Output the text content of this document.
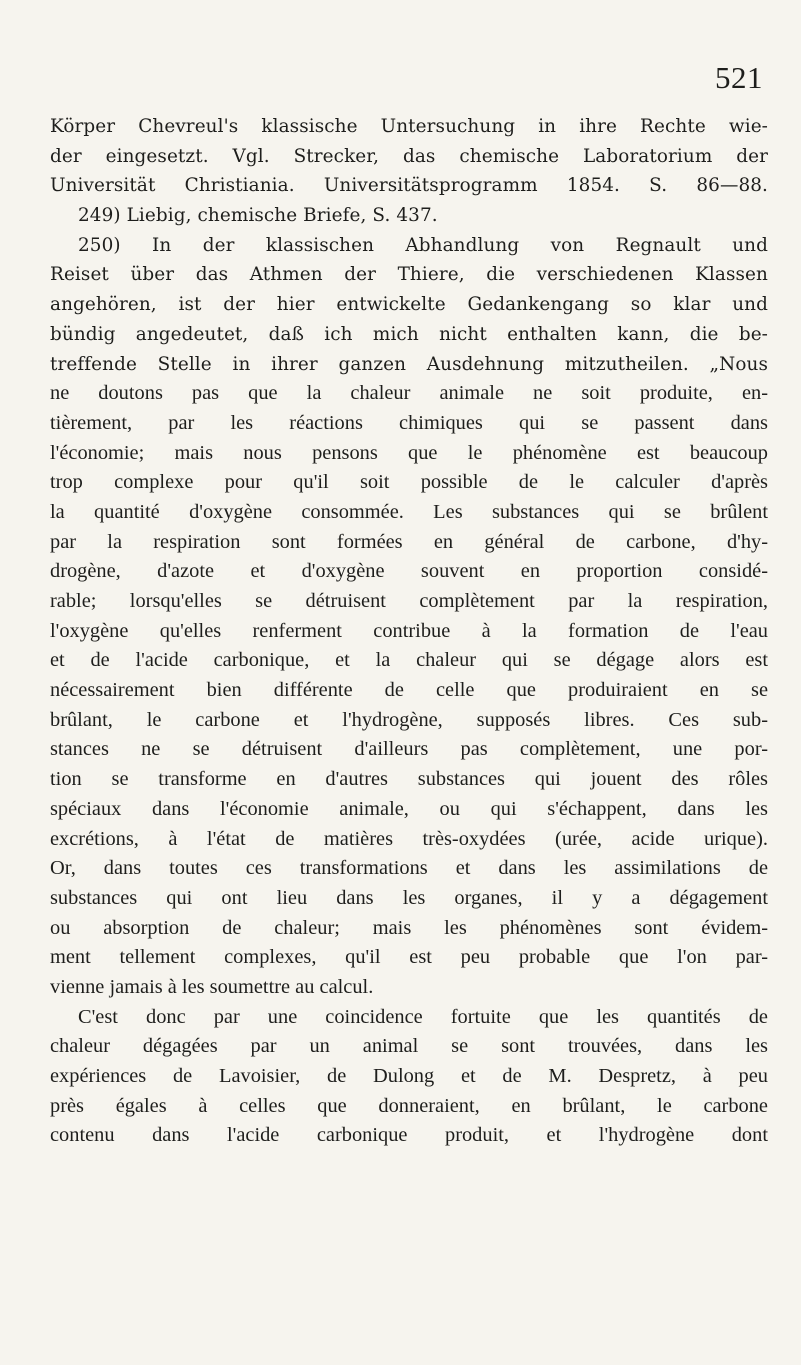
521
Körper Chevreul's klassische Untersuchung in ihre Rechte wie-
der eingesetzt. Vgl. Strecker, das chemische Laboratorium der
Universität Christiania. Universitätsprogramm 1854. S. 86—88.
249) Liebig, chemische Briefe, S. 437.
250) In der klassischen Abhandlung von Regnault und
Reiset über das Athmen der Thiere, die verschiedenen Klassen
angehören, ist der hier entwickelte Gedankengang so klar und
bündig angedeutet, daß ich mich nicht enthalten kann, die be-
treffende Stelle in ihrer ganzen Ausdehnung mitzutheilen. „Nous
ne doutons pas que la chaleur animale ne soit produite, en-
tièrement, par les réactions chimiques qui se passent dans
l'économie; mais nous pensons que le phénomène est beaucoup
trop complexe pour qu'il soit possible de le calculer d'après
la quantité d'oxygène consommée. Les substances qui se brûlent
par la respiration sont formées en général de carbone, d'hy-
drogène, d'azote et d'oxygène souvent en proportion considé-
rable; lorsqu'elles se détruisent complètement par la respiration,
l'oxygène qu'elles renferment contribue à la formation de l'eau
et de l'acide carbonique, et la chaleur qui se dégage alors est
nécessairement bien différente de celle que produiraient en se
brûlant, le carbone et l'hydrogène, supposés libres. Ces sub-
stances ne se détruisent d'ailleurs pas complètement, une por-
tion se transforme en d'autres substances qui jouent des rôles
spéciaux dans l'économie animale, ou qui s'échappent, dans les
excrétions, à l'état de matières très-oxydées (urée, acide urique).
Or, dans toutes ces transformations et dans les assimilations de
substances qui ont lieu dans les organes, il y a dégagement
ou absorption de chaleur; mais les phénomènes sont évidem-
ment tellement complexes, qu'il est peu probable que l'on par-
vienne jamais à les soumettre au calcul.
C'est donc par une coincidence fortuite que les quantités de
chaleur dégagées par un animal se sont trouvées, dans les
expériences de Lavoisier, de Dulong et de M. Despretz, à peu
près égales à celles que donneraient, en brûlant, le carbone
contenu dans l'acide carbonique produit, et l'hydrogène dont
